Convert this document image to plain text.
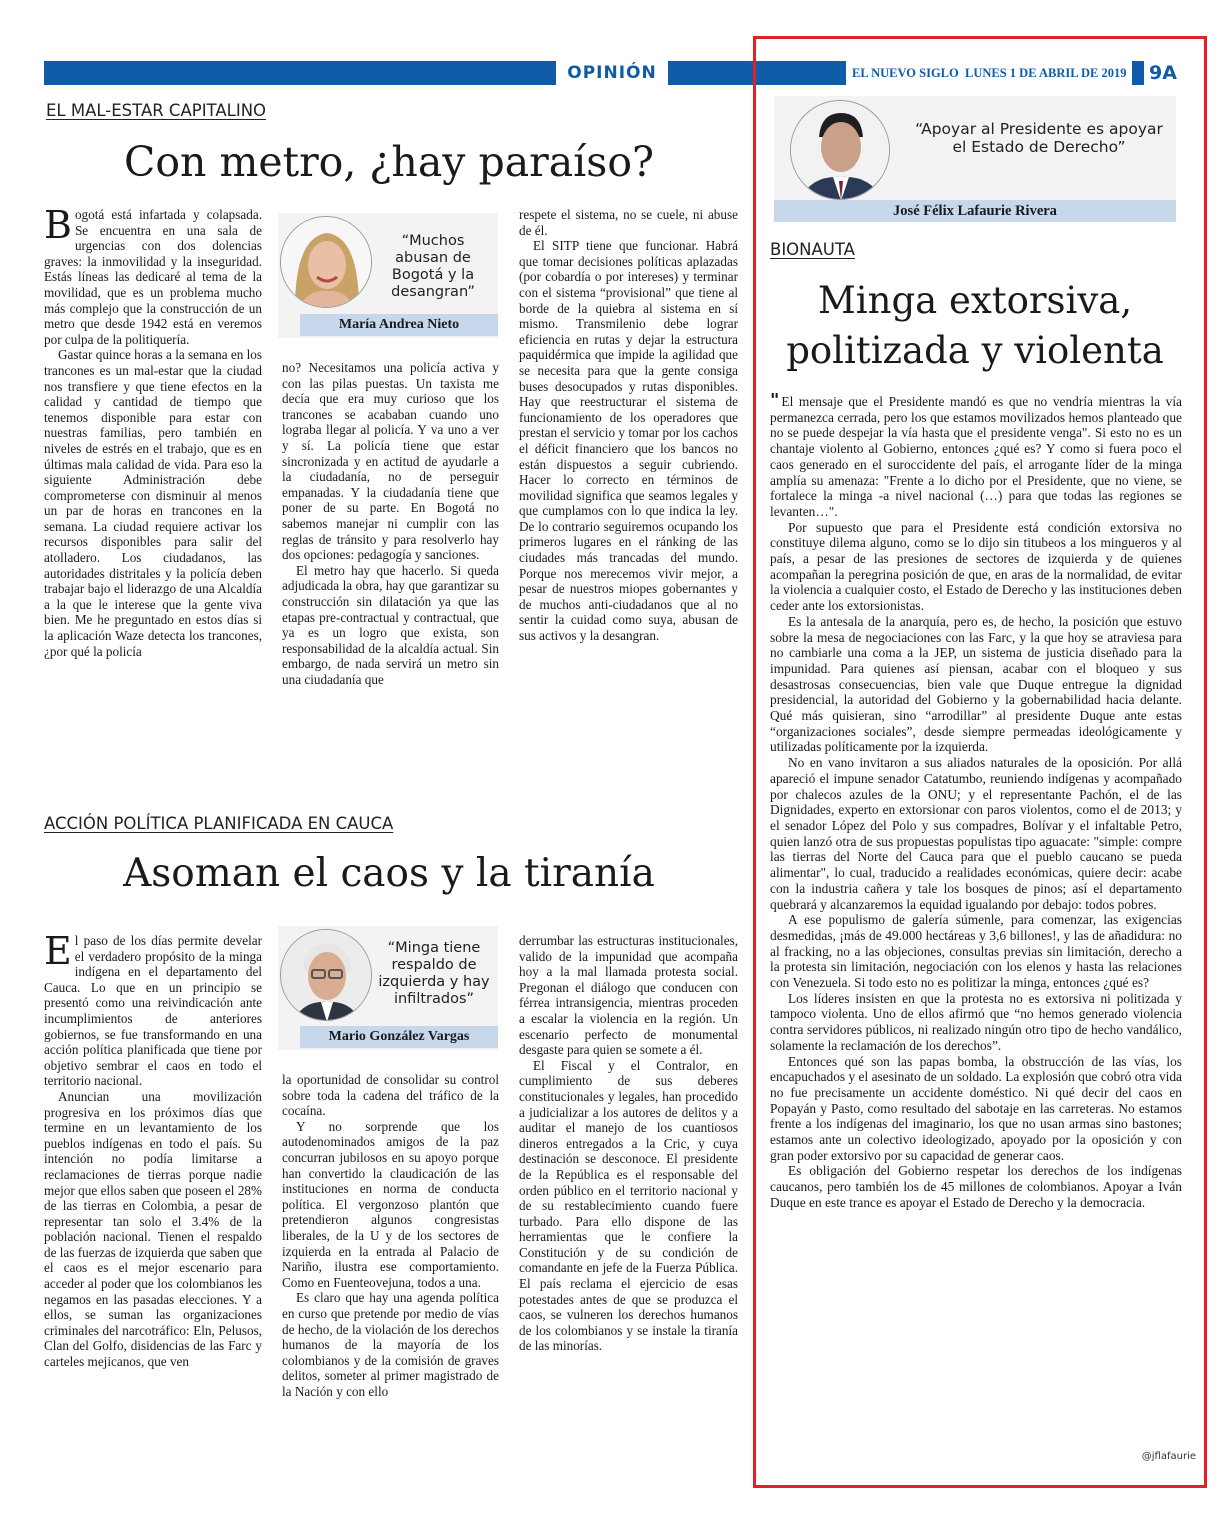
OPINIÓN	EL NUEVO SIGLO LUNES 1 DE ABRIL DE 2019	9A
EL MAL-ESTAR CAPITALINO
Con metro, ¿hay paraíso?

Bogotá está infartada y colapsada. Se encuentra en una sala de urgencias con dos dolencias graves: la inmovilidad y la inseguridad. Estás líneas las dedicaré al tema de la movilidad, que es un problema mucho más complejo que la construcción de un metro que desde 1942 está en veremos por culpa de la politiquería.

Gastar quince horas a la semana en los trancones es un mal-estar que la ciudad nos transfiere y que tiene efectos en la calidad y cantidad de tiempo que tenemos disponible para estar con nuestras familias, pero también en niveles de estrés en el trabajo, que es en últimas mala calidad de vida. Para eso la siguiente Administración debe comprometerse con disminuir al menos un par de horas en trancones en la semana. La ciudad requiere activar los recursos disponibles para salir del atolladero. Los ciudadanos, las autoridades distritales y la policía deben trabajar bajo el liderazgo de una Alcaldía a la que le interese que la gente viva bien. Me he preguntado en estos días si la aplicación Waze detecta los trancones, ¿por qué la policía

“Muchos abusan de Bogotá y la desangran”
María Andrea Nieto

no? Necesitamos una policía activa y con las pilas puestas. Un taxista me decía que era muy curioso que los trancones se acababan cuando uno lograba llegar al policía. Y va uno a ver y sí. La policía tiene que estar sincronizada y en actitud de ayudarle a la ciudadanía, no de perseguir empanadas. Y la ciudadanía tiene que poner de su parte. En Bogotá no sabemos manejar ni cumplir con las reglas de tránsito y para resolverlo hay dos opciones: pedagogía y sanciones.

El metro hay que hacerlo. Si queda adjudicada la obra, hay que garantizar su construcción sin dilatación ya que las etapas pre-contractual y contractual, que ya es un logro que exista, son responsabilidad de la alcaldía actual. Sin embargo, de nada servirá un metro sin una ciudadanía que

respete el sistema, no se cuele, ni abuse de él.

El SITP tiene que funcionar. Habrá que tomar decisiones políticas aplazadas (por cobardía o por intereses) y terminar con el sistema “provisional” que tiene al borde de la quiebra al sistema en sí mismo. Transmilenio debe lograr eficiencia en rutas y dejar la estructura paquidérmica que impide la agilidad que se necesita para que la gente consiga buses desocupados y rutas disponibles. Hay que reestructurar el sistema de funcionamiento de los operadores que prestan el servicio y tomar por los cachos el déficit financiero que los bancos no están dispuestos a seguir cubriendo. Hacer lo correcto en términos de movilidad significa que seamos legales y que cumplamos con lo que indica la ley. De lo contrario seguiremos ocupando los primeros lugares en el ránking de las ciudades más trancadas del mundo. Porque nos merecemos vivir mejor, a pesar de nuestros miopes gobernantes y de muchos anti-ciudadanos que al no sentir la cuidad como suya, abusan de sus activos y la desangran.

ACCIÓN POLÍTICA PLANIFICADA EN CAUCA
Asoman el caos y la tiranía

El paso de los días permite develar el verdadero propósito de la minga indígena en el departamento del Cauca. Lo que en un principio se presentó como una reivindicación ante incumplimientos de anteriores gobiernos, se fue transformando en una acción política planificada que tiene por objetivo sembrar el caos en todo el territorio nacional.

Anuncian una movilización progresiva en los próximos días que termine en un levantamiento de los pueblos indígenas en todo el país. Su intención no podía limitarse a reclamaciones de tierras porque nadie mejor que ellos saben que poseen el 28% de las tierras en Colombia, a pesar de representar tan solo el 3.4% de la población nacional. Tienen el respaldo de las fuerzas de izquierda que saben que el caos es el mejor escenario para acceder al poder que los colombianos les negamos en las pasadas elecciones. Y a ellos, se suman las organizaciones criminales del narcotráfico: Eln, Pelusos, Clan del Golfo, disidencias de las Farc y carteles mejicanos, que ven

“Minga tiene respaldo de izquierda y hay infiltrados”
Mario González Vargas

la oportunidad de consolidar su control sobre toda la cadena del tráfico de la cocaína.

Y no sorprende que los autodenominados amigos de la paz concurran jubilosos en su apoyo porque han convertido la claudicación de las instituciones en norma de conducta política. El vergonzoso plantón que pretendieron algunos congresistas liberales, de la U y de los sectores de izquierda en la entrada al Palacio de Nariño, ilustra ese comportamiento. Como en Fuenteovejuna, todos a una.

Es claro que hay una agenda política en curso que pretende por medio de vías de hecho, de la violación de los derechos humanos de la mayoría de los colombianos y de la comisión de graves delitos, someter al primer magistrado de la Nación y con ello

derrumbar las estructuras institucionales, valido de la impunidad que acompaña hoy a la mal llamada protesta social. Pregonan el diálogo que conducen con férrea intransigencia, mientras proceden a escalar la violencia en la región. Un escenario perfecto de monumental desgaste para quien se somete a él.

El Fiscal y el Contralor, en cumplimiento de sus deberes constitucionales y legales, han procedido a judicializar a los autores de delitos y a auditar el manejo de los cuantiosos dineros entregados a la Cric, y cuya destinación se desconoce. El presidente de la República es el responsable del orden público en el territorio nacional y de su restablecimiento cuando fuere turbado. Para ello dispone de las herramientas que le confiere la Constitución y de su condición de comandante en jefe de la Fuerza Pública. El país reclama el ejercicio de esas potestades antes de que se produzca el caos, se vulneren los derechos humanos de los colombianos y se instale la tiranía de las minorías.

“Apoyar al Presidente es apoyar el Estado de Derecho”
José Félix Lafaurie Rivera
BIONAUTA
Minga extorsiva,
politizada y violenta

" El mensaje que el Presidente mandó es que no vendría mientras la vía permanezca cerrada, pero los que estamos movilizados hemos planteado que no se puede despejar la vía hasta que el presidente venga". Si esto no es un chantaje violento al Gobierno, entonces ¿qué es? Y como si fuera poco el caos generado en el suroccidente del país, el arrogante líder de la minga amplía su amenaza: "Frente a lo dicho por el Presidente, que no viene, se fortalece la minga -a nivel nacional (…) para que todas las regiones se levanten…".

Por supuesto que para el Presidente está condición extorsiva no constituye dilema alguno, como se lo dijo sin titubeos a los mingueros y al país, a pesar de las presiones de sectores de izquierda y de quienes acompañan la peregrina posición de que, en aras de la normalidad, de evitar la violencia a cualquier costo, el Estado de Derecho y las instituciones deben ceder ante los extorsionistas.

Es la antesala de la anarquía, pero es, de hecho, la posición que estuvo sobre la mesa de negociaciones con las Farc, y la que hoy se atraviesa para no cambiarle una coma a la JEP, un sistema de justicia diseñado para la impunidad. Para quienes así piensan, acabar con el bloqueo y sus desastrosas consecuencias, bien vale que Duque entregue la dignidad presidencial, la autoridad del Gobierno y la gobernabilidad hacia delante. Qué más quisieran, sino “arrodillar” al presidente Duque ante estas “organizaciones sociales”, desde siempre permeadas ideológicamente y utilizadas políticamente por la izquierda.

No en vano invitaron a sus aliados naturales de la oposición. Por allá apareció el impune senador Catatumbo, reuniendo indígenas y acompañado por chalecos azules de la ONU; y el representante Pachón, el de las Dignidades, experto en extorsionar con paros violentos, como el de 2013; y el senador López del Polo y sus compadres, Bolívar y el infaltable Petro, quien lanzó otra de sus propuestas populistas tipo aguacate: "simple: compre las tierras del Norte del Cauca para que el pueblo caucano se pueda alimentar", lo cual, traducido a realidades económicas, quiere decir: acabe con la industria cañera y tale los bosques de pinos; así el departamento quebrará y alcanzaremos la equidad igualando por debajo: todos pobres.

A ese populismo de galería súmenle, para comenzar, las exigencias desmedidas, ¡más de 49.000 hectáreas y 3,6 billones!, y las de añadidura: no al fracking, no a las objeciones, consultas previas sin limitación, derecho a la protesta sin limitación, negociación con los elenos y hasta las relaciones con Venezuela. Si todo esto no es politizar la minga, entonces ¿qué es?

Los líderes insisten en que la protesta no es extorsiva ni politizada y tampoco violenta. Uno de ellos afirmó que “no hemos generado violencia contra servidores públicos, ni realizado ningún otro tipo de hecho vandálico, solamente la reclamación de los derechos”.

Entonces qué son las papas bomba, la obstrucción de las vías, los encapuchados y el asesinato de un soldado. La explosión que cobró otra vida no fue precisamente un accidente doméstico. Ni qué decir del caos en Popayán y Pasto, como resultado del sabotaje en las carreteras. No estamos frente a los indígenas del imaginario, los que no usan armas sino bastones; estamos ante un colectivo ideologizado, apoyado por la oposición y con gran poder extorsivo por su capacidad de generar caos.

Es obligación del Gobierno respetar los derechos de los indígenas caucanos, pero también los de 45 millones de colombianos. Apoyar a Iván Duque en este trance es apoyar el Estado de Derecho y la democracia.

@jflafaurie
